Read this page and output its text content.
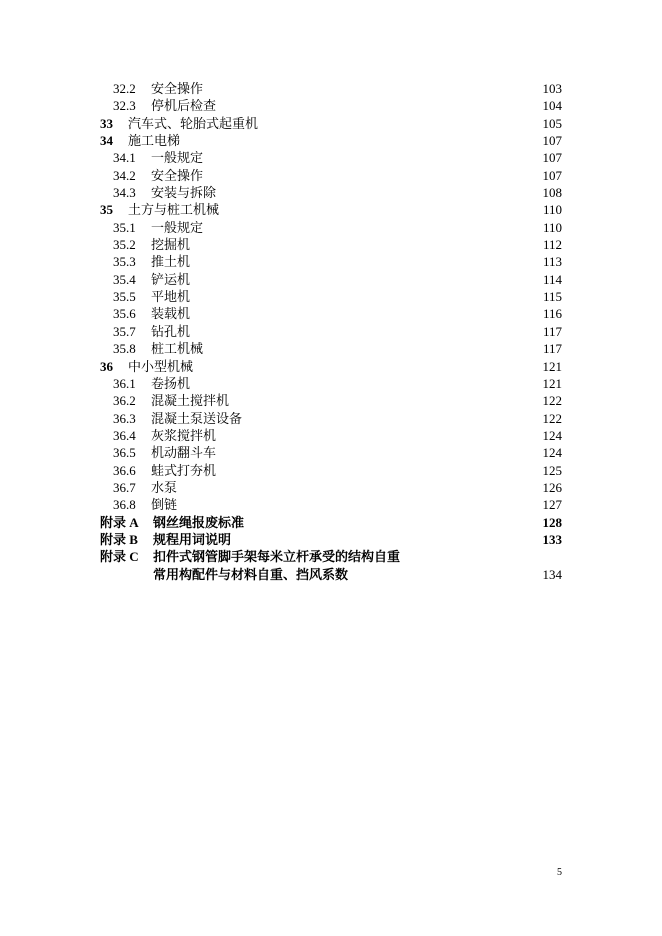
32.2 安全操作	103
32.3 停机后检查	104
33 汽车式、轮胎式起重机	105
34 施工电梯	107
34.1 一般规定	107
34.2 安全操作	107
34.3 安装与拆除	108
35 土方与桩工机械	110
35.1 一般规定	110
35.2 挖掘机	112
35.3 推土机	113
35.4 铲运机	114
35.5 平地机	115
35.6 装载机	116
35.7 钻孔机	117
35.8 桩工机械	117
36 中小型机械	121
36.1 卷扬机	121
36.2 混凝土搅拌机	122
36.3 混凝土泵送设备	122
36.4 灰浆搅拌机	124
36.5 机动翻斗车	124
36.6 蛙式打夯机	125
36.7 水泵	126
36.8 倒链	127
附录 A 钢丝绳报废标准	128
附录 B 规程用词说明	133
附录 C 扣件式钢管脚手架每米立杆承受的结构自重
常用构配件与材料自重、挡风系数	134
5
